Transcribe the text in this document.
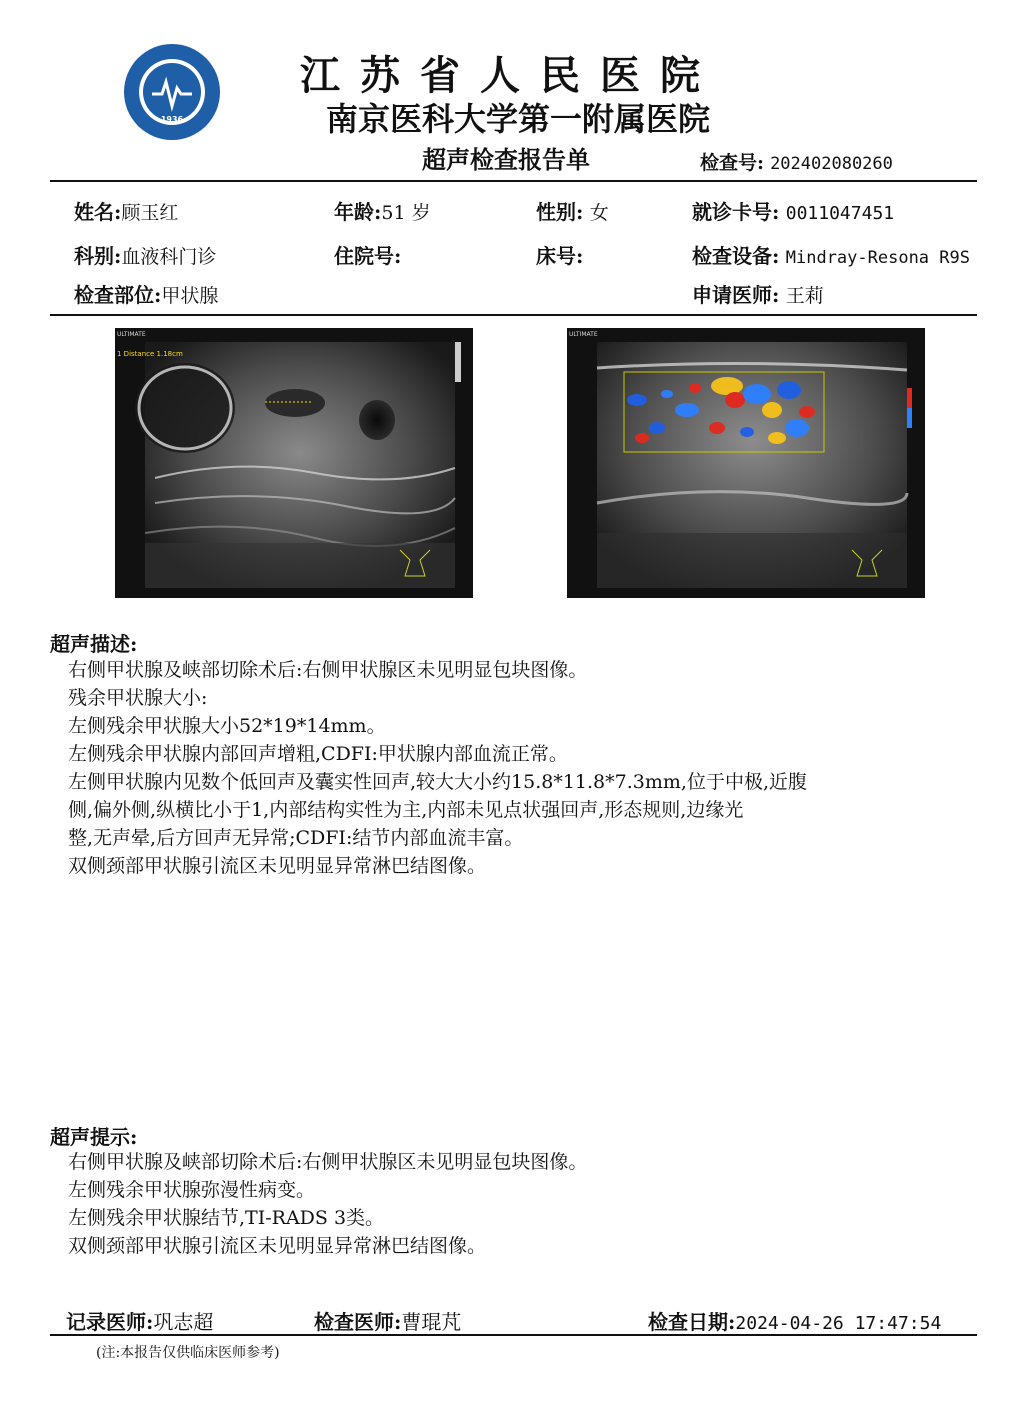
1936
江苏省人民医院
南京医科大学第一附属医院
超声检查报告单	检查号: 202402080260
姓名:顾玉红	年龄:51 岁	性别: 女	就诊卡号: 0011047451
科别:血液科门诊	住院号:	床号:	检查设备: Mindray-Resona R9S
检查部位:甲状腺	申请医师: 王莉
1 Distance 1.18cm
ULTIMATE	ULTIMATE
超声描述:
右侧甲状腺及峡部切除术后:右侧甲状腺区未见明显包块图像。
残余甲状腺大小:
左侧残余甲状腺大小52*19*14mm。
左侧残余甲状腺内部回声增粗,CDFI:甲状腺内部血流正常。
左侧甲状腺内见数个低回声及囊实性回声,较大大小约15.8*11.8*7.3mm,位于中极,近腹
侧,偏外侧,纵横比小于1,内部结构实性为主,内部未见点状强回声,形态规则,边缘光
整,无声晕,后方回声无异常;CDFI:结节内部血流丰富。
双侧颈部甲状腺引流区未见明显异常淋巴结图像。
超声提示:
右侧甲状腺及峡部切除术后:右侧甲状腺区未见明显包块图像。
左侧残余甲状腺弥漫性病变。
左侧残余甲状腺结节,TI-RADS 3类。
双侧颈部甲状腺引流区未见明显异常淋巴结图像。
记录医师:巩志超	检查医师:曹琨芃	检查日期:2024-04-26 17:47:54
(注:本报告仅供临床医师参考)
